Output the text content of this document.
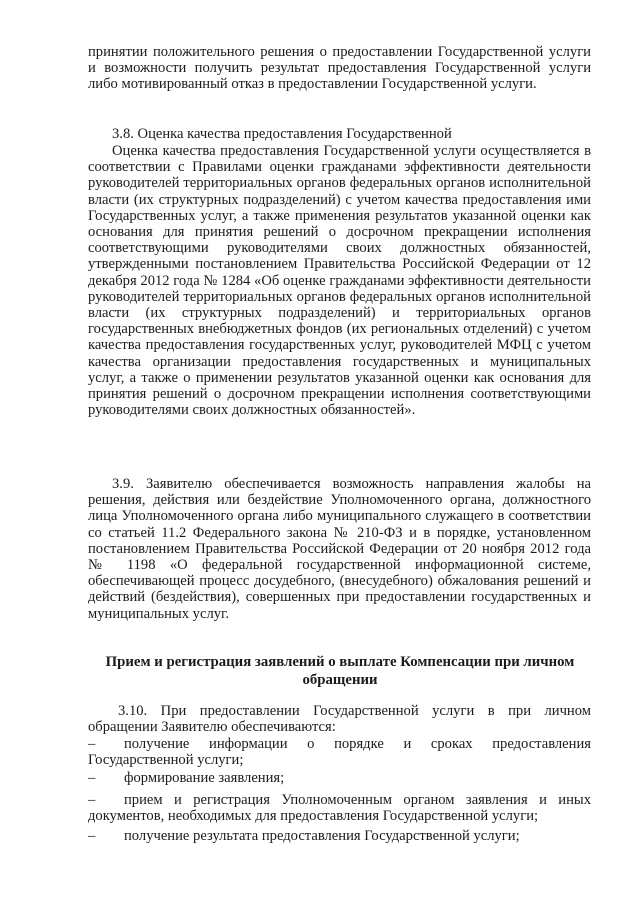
принятии положительного решения о предоставлении Государственной услуги и возможности получить результат предоставления Государственной услуги либо мотивированный отказ в предоставлении Государственной услуги.

3.8. Оценка качества предоставления Государственной

Оценка качества предоставления Государственной услуги осуществляется в соответствии с Правилами оценки гражданами эффективности деятельности руководителей территориальных органов федеральных органов исполнительной власти (их структурных подразделений) с учетом качества предоставления ими Государственных услуг, а также применения результатов указанной оценки как основания для принятия решений о досрочном прекращении исполнения соответствующими руководителями своих должностных обязанностей, утвержденными постановлением Правительства Российской Федерации от 12 декабря 2012 года № 1284 «Об оценке гражданами эффективности деятельности руководителей территориальных органов федеральных органов исполнительной власти (их структурных подразделений) и территориальных органов государственных внебюджетных фондов (их региональных отделений) с учетом качества предоставления государственных услуг, руководителей МФЦ с учетом качества организации предоставления государственных и муниципальных услуг, а также о применении результатов указанной оценки как основания для принятия решений о досрочном прекращении исполнения соответствующими руководителями своих должностных обязанностей».

3.9. Заявителю обеспечивается возможность направления жалобы на решения, действия или бездействие Уполномоченного органа, должностного лица Уполномоченного органа либо муниципального служащего в соответствии со статьей 11.2 Федерального закона № 210-ФЗ и в порядке, установленном постановлением Правительства Российской Федерации от 20 ноября 2012 года № 1198 «О федеральной государственной информационной системе, обеспечивающей процесс досудебного, (внесудебного) обжалования решений и действий (бездействия), совершенных при предоставлении государственных и муниципальных услуг.

Прием и регистрация заявлений о выплате Компенсации при личном обращении

3.10. При предоставлении Государственной услуги в при личном обращении Заявителю обеспечиваются:

–	получение информации о порядке и сроках предоставления Государственной услуги;
–	формирование заявления;
–	прием и регистрация Уполномоченным органом заявления и иных документов, необходимых для предоставления Государственной услуги;
–	получение результата предоставления Государственной услуги;
